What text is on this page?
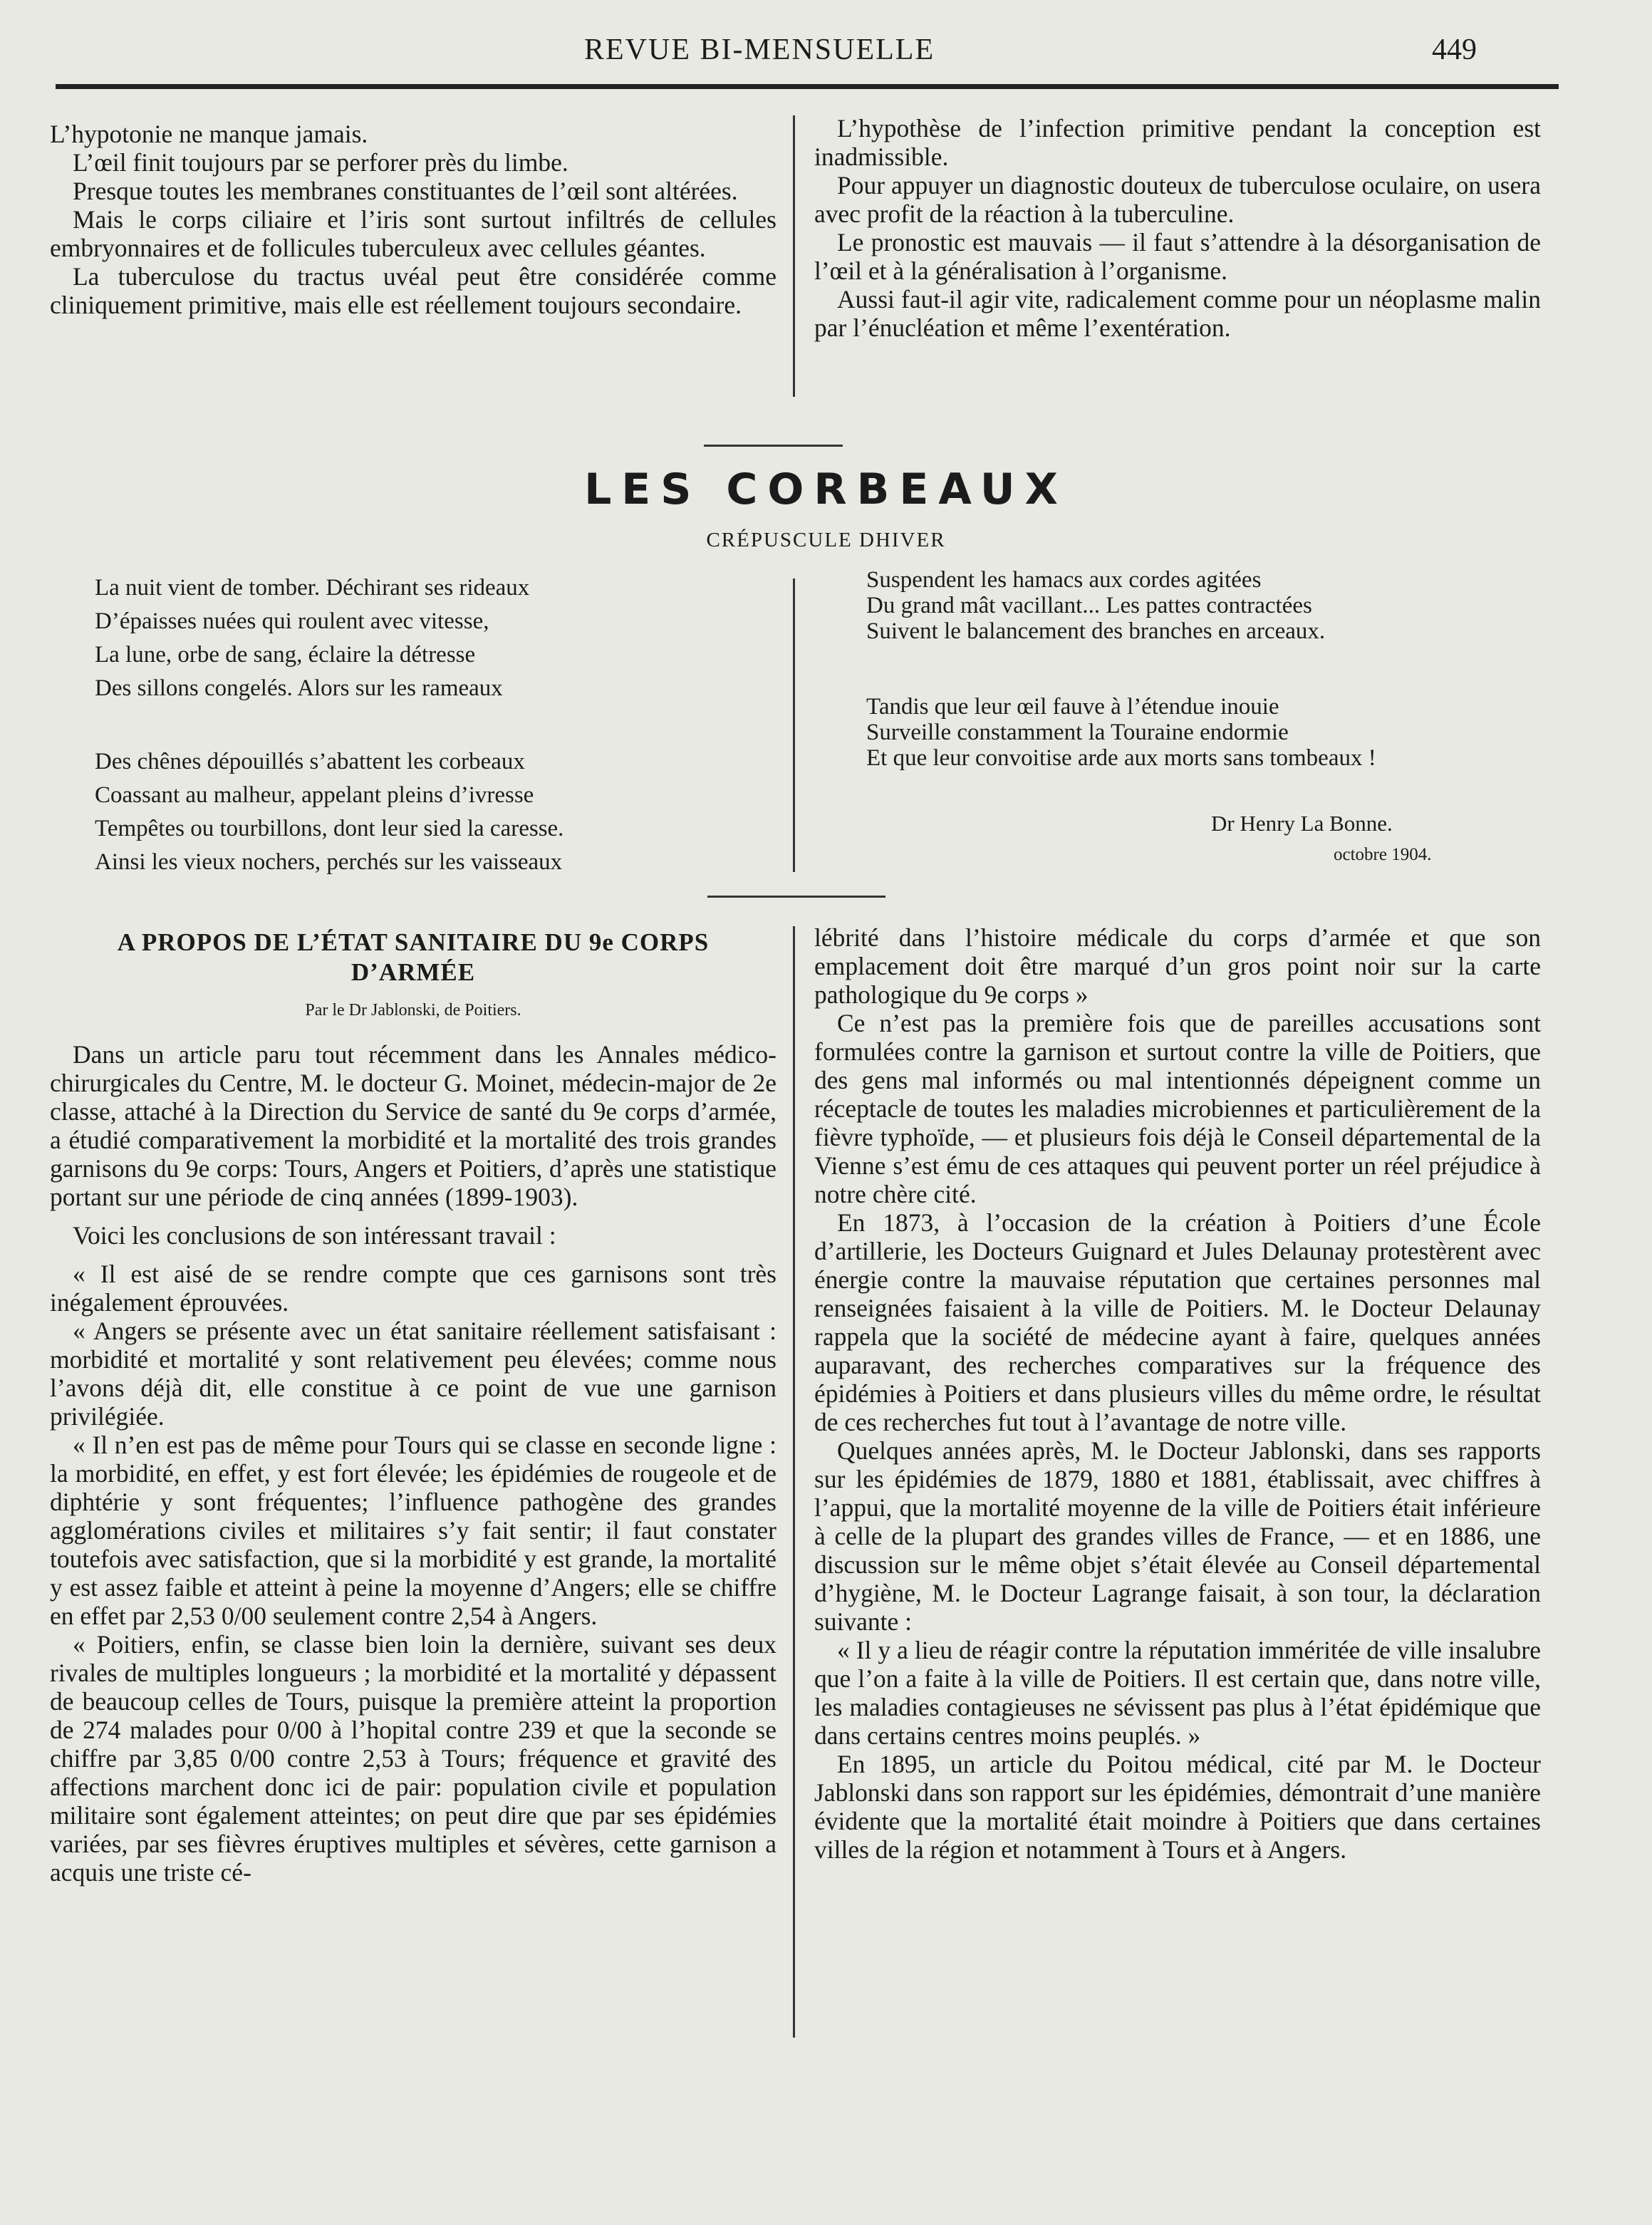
REVUE BI-MENSUELLE	449

L’hypotonie ne manque jamais.

L’œil finit toujours par se perforer près du limbe.

Presque toutes les membranes constituantes de l’œil sont altérées.

Mais le corps ciliaire et l’iris sont surtout infiltrés de cellules embryonnaires et de follicules tuberculeux avec cellules géantes.

La tuberculose du tractus uvéal peut être considérée comme cliniquement primitive, mais elle est réellement toujours secondaire.

L’hypothèse de l’infection primitive pendant la conception est inadmissible.

Pour appuyer un diagnostic douteux de tuberculose oculaire, on usera avec profit de la réaction à la tuberculine.

Le pronostic est mauvais — il faut s’attendre à la désorganisation de l’œil et à la généralisation à l’organisme.

Aussi faut-il agir vite, radicalement comme pour un néoplasme malin par l’énucléation et même l’exentération.

LES CORBEAUX
CRÉPUSCULE DHIVER
La nuit vient de tomber. Déchirant ses rideaux
D’épaisses nuées qui roulent avec vitesse,
La lune, orbe de sang, éclaire la détresse
Des sillons congelés. Alors sur les rameaux
Des chênes dépouillés s’abattent les corbeaux
Coassant au malheur, appelant pleins d’ivresse
Tempêtes ou tourbillons, dont leur sied la caresse.
Ainsi les vieux nochers, perchés sur les vaisseaux
Suspendent les hamacs aux cordes agitées
Du grand mât vacillant... Les pattes contractées
Suivent le balancement des branches en arceaux.
Tandis que leur œil fauve à l’étendue inouie
Surveille constamment la Touraine endormie
Et que leur convoitise arde aux morts sans tombeaux !
Dr Henry La Bonne.
octobre 1904.
A PROPOS DE L’ÉTAT SANITAIRE DU 9e CORPS
D’ARMÉE
Par le Dr Jablonski, de Poitiers.

Dans un article paru tout récemment dans les Annales médico-chirurgicales du Centre, M. le docteur G. Moinet, médecin-major de 2e classe, attaché à la Direction du Service de santé du 9e corps d’armée, a étudié comparativement la morbidité et la mortalité des trois grandes garnisons du 9e corps: Tours, Angers et Poitiers, d’après une statistique portant sur une période de cinq années (1899-1903).

Voici les conclusions de son intéressant travail :

« Il est aisé de se rendre compte que ces garnisons sont très inégalement éprouvées.

« Angers se présente avec un état sanitaire réellement satisfaisant : morbidité et mortalité y sont relativement peu élevées; comme nous l’avons déjà dit, elle constitue à ce point de vue une garnison privilégiée.

« Il n’en est pas de même pour Tours qui se classe en seconde ligne : la morbidité, en effet, y est fort élevée; les épidémies de rougeole et de diphtérie y sont fréquentes; l’influence pathogène des grandes agglomérations civiles et militaires s’y fait sentir; il faut constater toutefois avec satisfaction, que si la morbidité y est grande, la mortalité y est assez faible et atteint à peine la moyenne d’Angers; elle se chiffre en effet par 2,53 0/00 seulement contre 2,54 à Angers.

« Poitiers, enfin, se classe bien loin la dernière, suivant ses deux rivales de multiples longueurs ; la morbidité et la mortalité y dépassent de beaucoup celles de Tours, puisque la première atteint la proportion de 274 malades pour 0/00 à l’hopital contre 239 et que la seconde se chiffre par 3,85 0/00 contre 2,53 à Tours; fréquence et gravité des affections marchent donc ici de pair: population civile et population militaire sont également atteintes; on peut dire que par ses épidémies variées, par ses fièvres éruptives multiples et sévères, cette garnison a acquis une triste cé-

lébrité dans l’histoire médicale du corps d’armée et que son emplacement doit être marqué d’un gros point noir sur la carte pathologique du 9e corps »

Ce n’est pas la première fois que de pareilles accusations sont formulées contre la garnison et surtout contre la ville de Poitiers, que des gens mal informés ou mal intentionnés dépeignent comme un réceptacle de toutes les maladies microbiennes et particulièrement de la fièvre typhoïde, — et plusieurs fois déjà le Conseil départemental de la Vienne s’est ému de ces attaques qui peuvent porter un réel préjudice à notre chère cité.

En 1873, à l’occasion de la création à Poitiers d’une École d’artillerie, les Docteurs Guignard et Jules Delaunay protestèrent avec énergie contre la mauvaise réputation que certaines personnes mal renseignées faisaient à la ville de Poitiers. M. le Docteur Delaunay rappela que la société de médecine ayant à faire, quelques années auparavant, des recherches comparatives sur la fréquence des épidémies à Poitiers et dans plusieurs villes du même ordre, le résultat de ces recherches fut tout à l’avantage de notre ville.

Quelques années après, M. le Docteur Jablonski, dans ses rapports sur les épidémies de 1879, 1880 et 1881, établissait, avec chiffres à l’appui, que la mortalité moyenne de la ville de Poitiers était inférieure à celle de la plupart des grandes villes de France, — et en 1886, une discussion sur le même objet s’était élevée au Conseil départemental d’hygiène, M. le Docteur Lagrange faisait, à son tour, la déclaration suivante :

« Il y a lieu de réagir contre la réputation imméritée de ville insalubre que l’on a faite à la ville de Poitiers. Il est certain que, dans notre ville, les maladies contagieuses ne sévissent pas plus à l’état épidémique que dans certains centres moins peuplés. »

En 1895, un article du Poitou médical, cité par M. le Docteur Jablonski dans son rapport sur les épidémies, démontrait d’une manière évidente que la mortalité était moindre à Poitiers que dans certaines villes de la région et notamment à Tours et à Angers.
